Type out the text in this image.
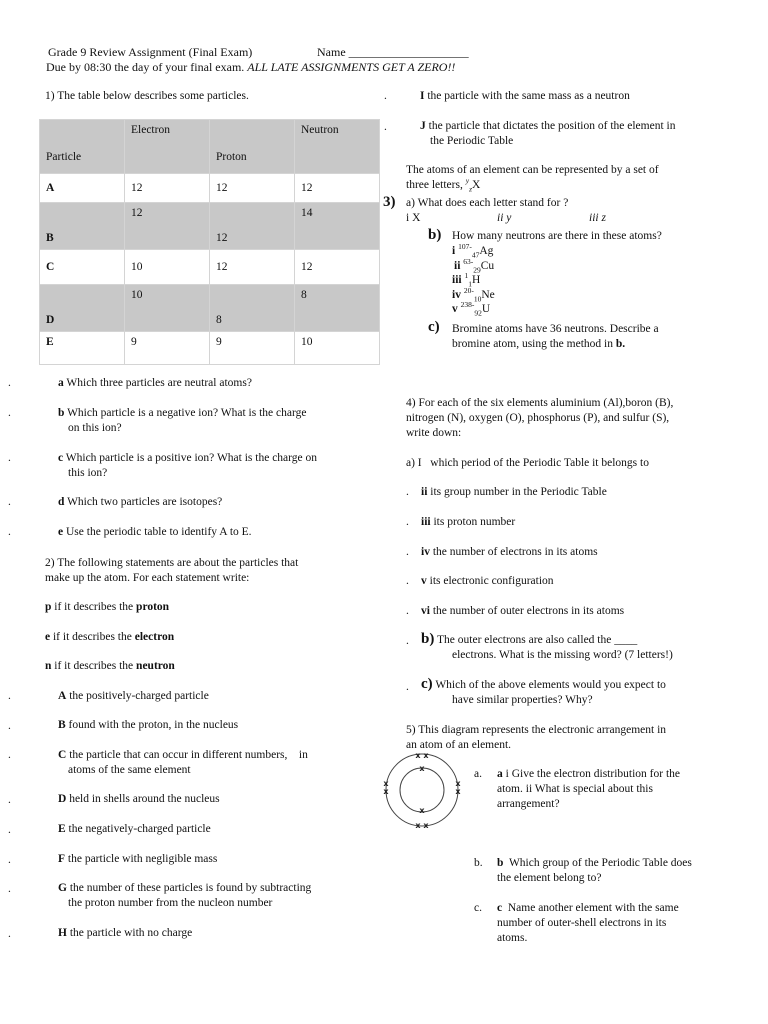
Grade 9 Review Assignment (Final Exam)	Name ____________________
Due by 08:30 the day of your final exam. ALL LATE ASSIGNMENTS GET A ZERO!!
1) The table below describes some particles.
Particle	Electron	Proton	Neutron
A	12	12	12
B	12	12	14
C	10	12	12
D	10	8	8
E	9	9	10
.	a Which three particles are neutral atoms?
.	b Which particle is a negative ion? What is the charge
on this ion?
.	c Which particle is a positive ion? What is the charge on
this ion?
.	d Which two particles are isotopes?
.	e Use the periodic table to identify A to E.
2) The following statements are about the particles that
make up the atom. For each statement write:
p if it describes the proton
e if it describes the electron
n if it describes the neutron
.	A the positively-charged particle
.	B found with the proton, in the nucleus
.	C the particle that can occur in different numbers,    in
atoms of the same element
.	D held in shells around the nucleus
.	E the negatively-charged particle
.	F the particle with negligible mass
.	G the number of these particles is found by subtracting
the proton number from the nucleon number
.	H the particle with no charge
.	I the particle with the same mass as a neutron
.	J the particle that dictates the position of the element in
the Periodic Table
The atoms of an element can be represented by a set of
three letters, $^y_z$X
3) a) What does each letter stand for ?
i X	ii y	iii z
b) How many neutrons are there in these atoms?
i $^{107-}_{47}$Ag
ii $^{63-}_{29}$Cu
iii $^1_1$H
iv $^{20-}_{10}$Ne
v $^{238-}_{92}$U
c) Bromine atoms have 36 neutrons. Describe a
bromine atom, using the method in b.
4) For each of the six elements aluminium (Al),boron (B),
nitrogen (N), oxygen (O), phosphorus (P), and sulfur (S),
write down:
a) I   which period of the Periodic Table it belongs to
. ii its group number in the Periodic Table
. iii its proton number
. iv the number of electrons in its atoms
. v its electronic configuration
. vi the number of outer electrons in its atoms
. b) The outer electrons are also called the ____
electrons. What is the missing word? (7 letters!)
. c) Which of the above elements would you expect to
have similar properties? Why?
5) This diagram represents the electronic arrangement in
an atom of an element.
x
x
x x
x x
x
x
x
x
a. a i Give the electron distribution for the
atom. ii What is special about this
arrangement?
b. b  Which group of the Periodic Table does
the element belong to?
c. c  Name another element with the same
number of outer-shell electrons in its
atoms.
